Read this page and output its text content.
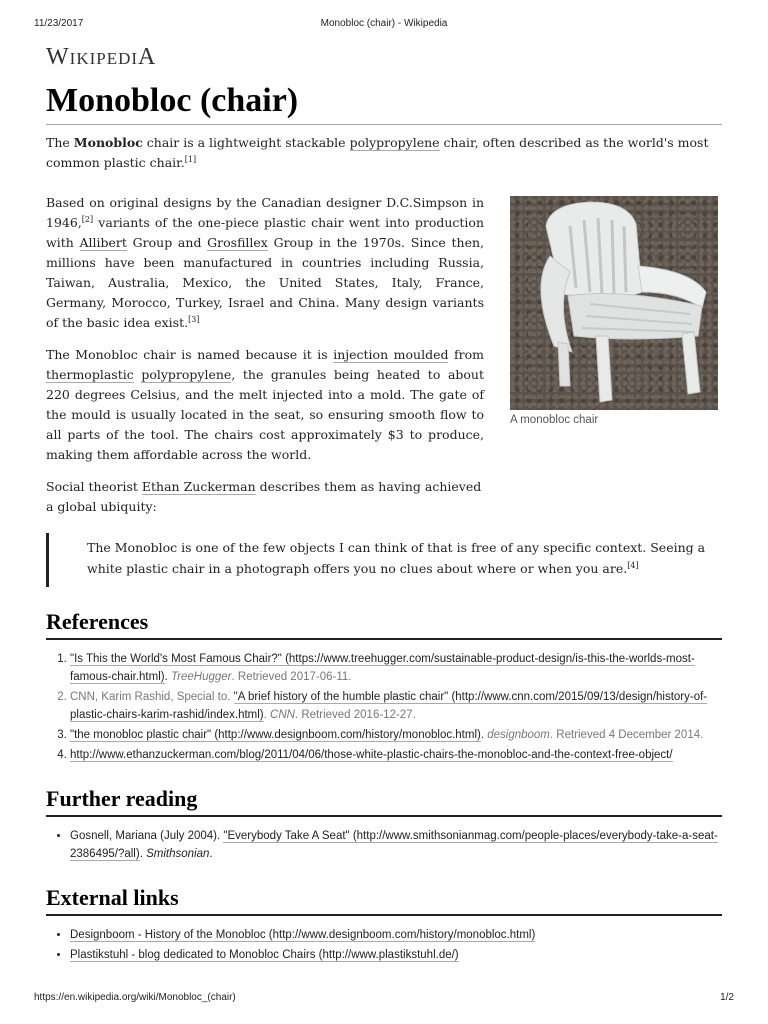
11/23/2017	Monobloc (chair) - Wikipedia
WIKIPEDIA
Monobloc (chair)

The Monobloc chair is a lightweight stackable polypropylene chair, often described as the world's most common plastic chair.[1]

Based on original designs by the Canadian designer D.C.Simpson in 1946,[2] variants of the one-piece plastic chair went into production with Allibert Group and Grosfillex Group in the 1970s. Since then, millions have been manufactured in countries including Russia, Taiwan, Australia, Mexico, the United States, Italy, France, Germany, Morocco, Turkey, Israel and China. Many design variants of the basic idea exist.[3]

The Monobloc chair is named because it is injection moulded from thermoplastic polypropylene, the granules being heated to about 220 degrees Celsius, and the melt injected into a mold. The gate of the mould is usually located in the seat, so ensuring smooth flow to all parts of the tool. The chairs cost approximately $3 to produce, making them affordable across the world.

Social theorist Ethan Zuckerman describes them as having achieved a global ubiquity:

The Monobloc is one of the few objects I can think of that is free of any specific context. Seeing a white plastic chair in a photograph offers you no clues about where or when you are.[4]

References
1. "Is This the World's Most Famous Chair?" (https://www.treehugger.com/sustainable-product-design/is-this-the-worlds-most-famous-chair.html). TreeHugger. Retrieved 2017-06-11.
2. CNN, Karim Rashid, Special to. "A brief history of the humble plastic chair" (http://www.cnn.com/2015/09/13/design/history-of-plastic-chairs-karim-rashid/index.html). CNN. Retrieved 2016-12-27.
3. "the monobloc plastic chair" (http://www.designboom.com/history/monobloc.html). designboom. Retrieved 4 December 2014.
4. http://www.ethanzuckerman.com/blog/2011/04/06/those-white-plastic-chairs-the-monobloc-and-the-context-free-object/
Further reading
• Gosnell, Mariana (July 2004). "Everybody Take A Seat" (http://www.smithsonianmag.com/people-places/everybody-take-a-seat-2386495/?all). Smithsonian.
External links
• Designboom - History of the Monobloc (http://www.designboom.com/history/monobloc.html)
• Plastikstuhl - blog dedicated to Monobloc Chairs (http://www.plastikstuhl.de/)
A monobloc chair
https://en.wikipedia.org/wiki/Monobloc_(chair)	1/2
